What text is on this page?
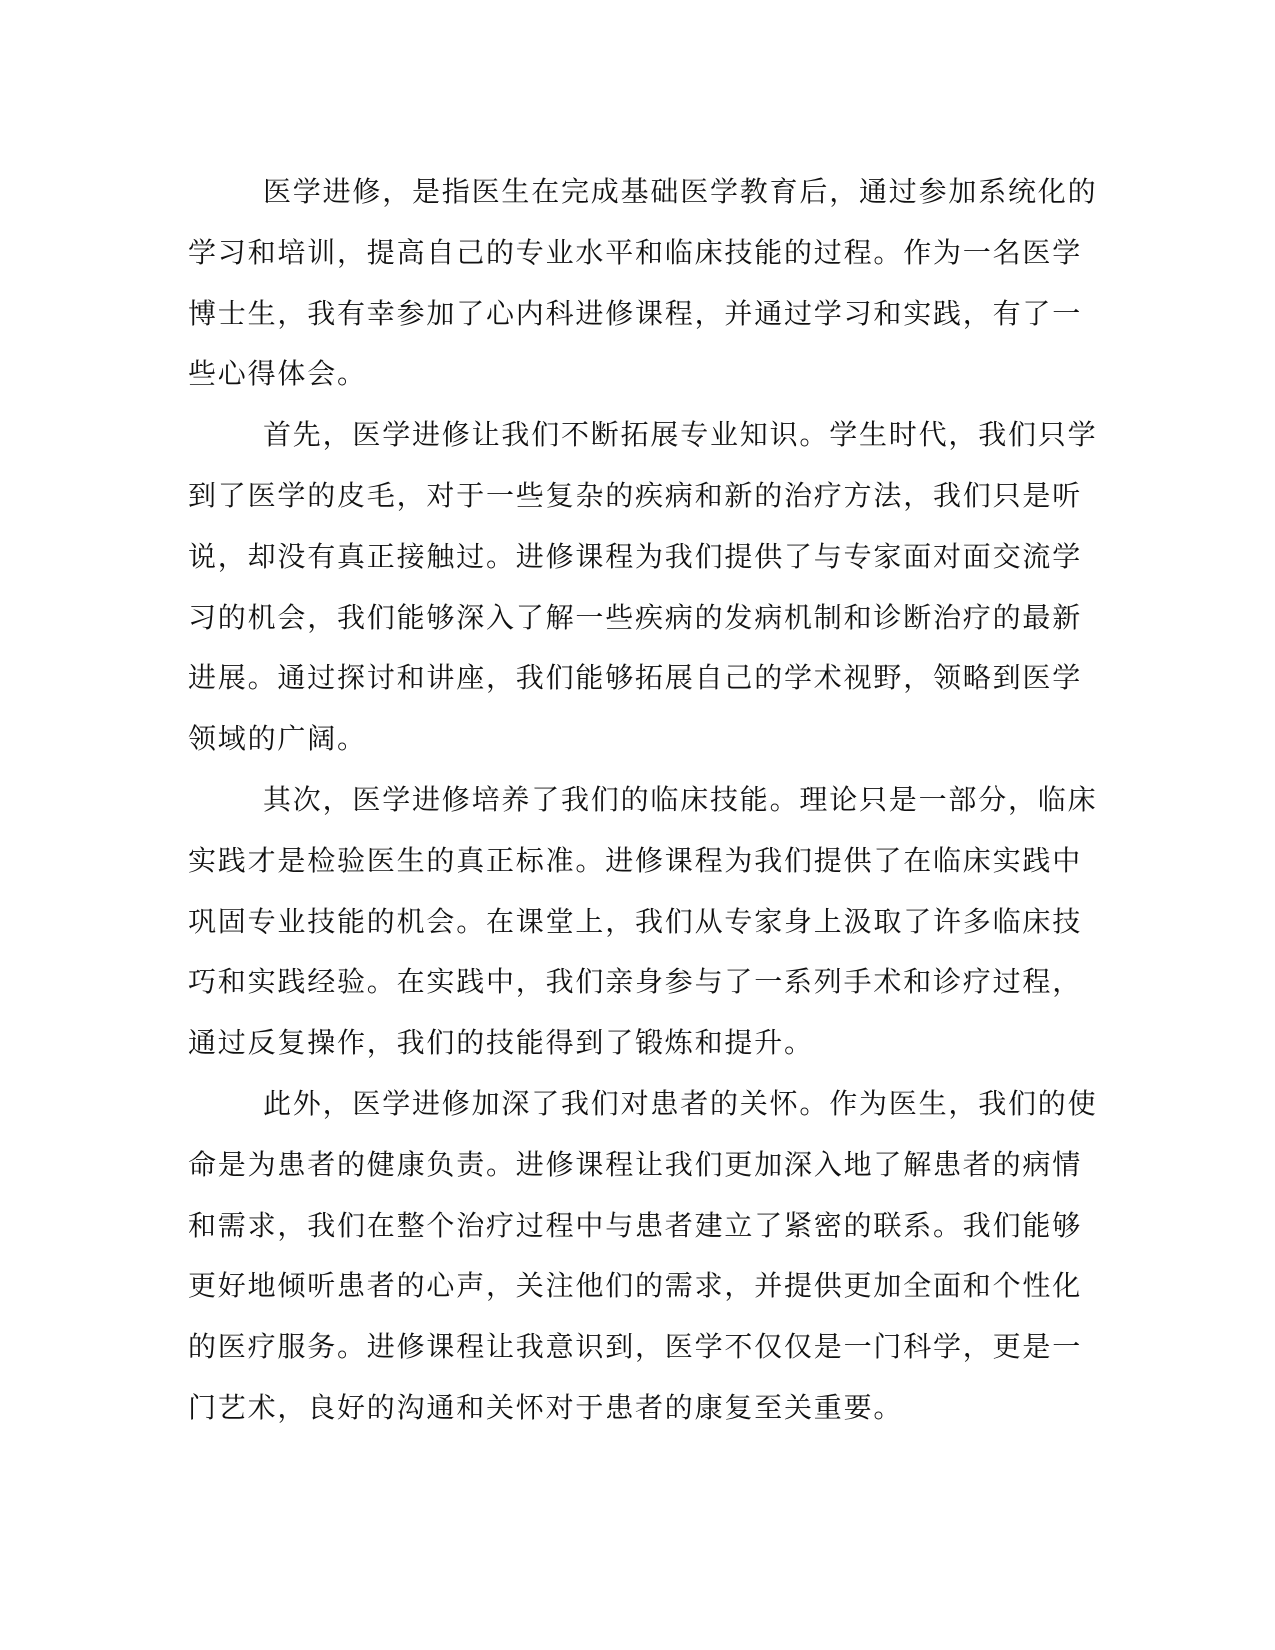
医学进修，是指医生在完成基础医学教育后，通过参加系统化的
学习和培训，提高自己的专业水平和临床技能的过程。作为一名医学
博士生，我有幸参加了心内科进修课程，并通过学习和实践，有了一
些心得体会。
首先，医学进修让我们不断拓展专业知识。学生时代，我们只学
到了医学的皮毛，对于一些复杂的疾病和新的治疗方法，我们只是听
说，却没有真正接触过。进修课程为我们提供了与专家面对面交流学
习的机会，我们能够深入了解一些疾病的发病机制和诊断治疗的最新
进展。通过探讨和讲座，我们能够拓展自己的学术视野，领略到医学
领域的广阔。
其次，医学进修培养了我们的临床技能。理论只是一部分，临床
实践才是检验医生的真正标准。进修课程为我们提供了在临床实践中
巩固专业技能的机会。在课堂上，我们从专家身上汲取了许多临床技
巧和实践经验。在实践中，我们亲身参与了一系列手术和诊疗过程，
通过反复操作，我们的技能得到了锻炼和提升。
此外，医学进修加深了我们对患者的关怀。作为医生，我们的使
命是为患者的健康负责。进修课程让我们更加深入地了解患者的病情
和需求，我们在整个治疗过程中与患者建立了紧密的联系。我们能够
更好地倾听患者的心声，关注他们的需求，并提供更加全面和个性化
的医疗服务。进修课程让我意识到，医学不仅仅是一门科学，更是一
门艺术，良好的沟通和关怀对于患者的康复至关重要。
